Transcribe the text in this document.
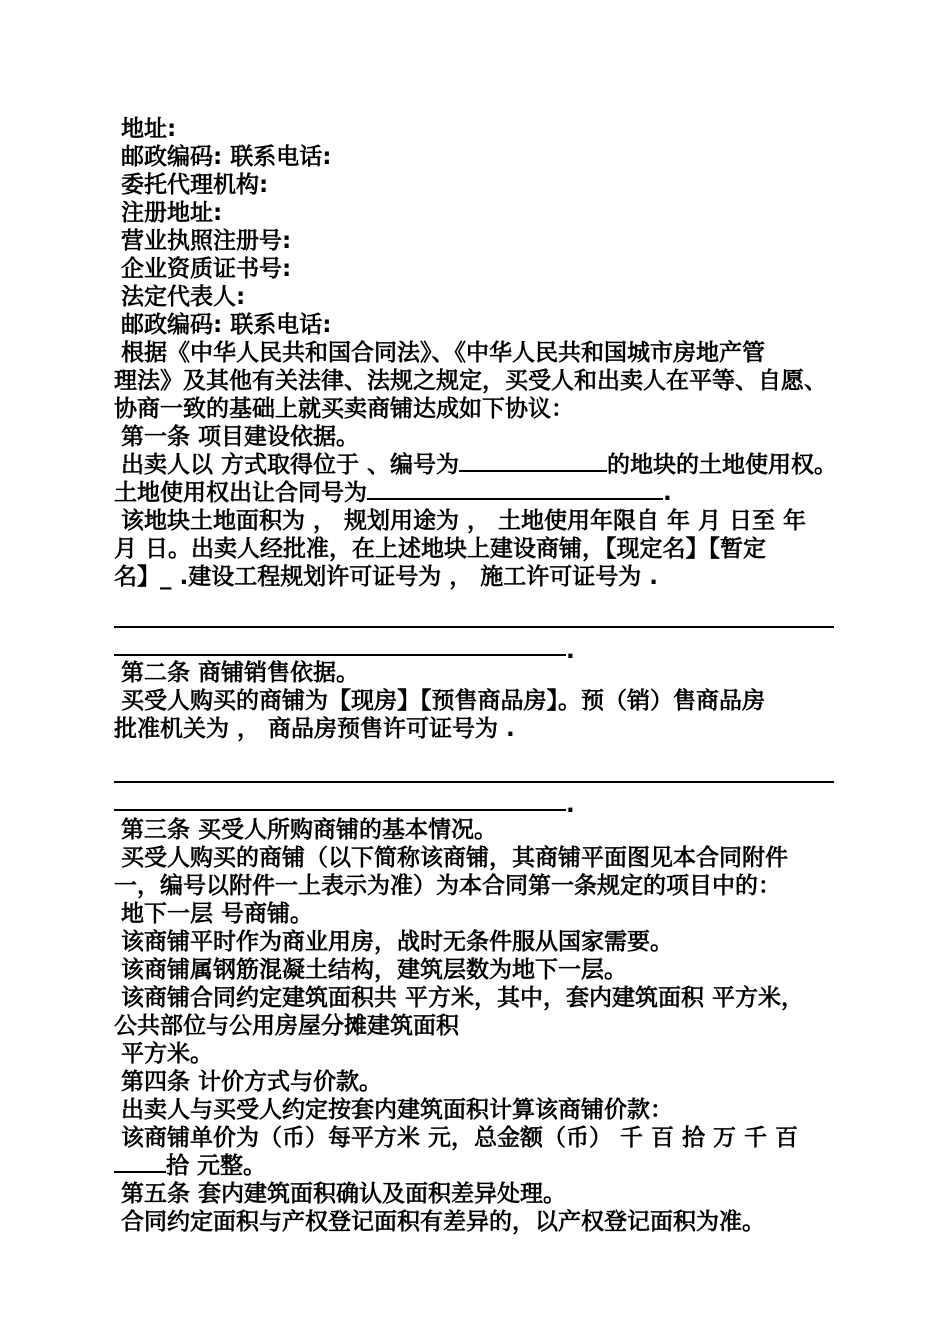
地址:
邮政编码: 联系电话:
委托代理机构:
注册地址:
营业执照注册号:
企业资质证书号:
法定代表人:
邮政编码: 联系电话:
根据《中华人民共和国合同法》、《中华人民共和国城市房地产管
理法》及其他有关法律、法规之规定，买受人和出卖人在平等、自愿、
协商一致的基础上就买卖商铺达成如下协议：
第一条 项目建设依据。
出卖人以 方式取得位于 、编号为	的地块的土地使用权。
土地使用权出让合同号为	.
该地块土地面积为 ， 规划用途为 ， 土地使用年限自 年 月 日至 年
月 日。出卖人经批准，在上述地块上建设商铺，【现定名】【暂定
名】_ .建设工程规划许可证号为 ， 施工许可证号为 .
.
第二条 商铺销售依据。
买受人购买的商铺为【现房】【预售商品房】。预（销）售商品房
批准机关为 ， 商品房预售许可证号为 .
.
第三条 买受人所购商铺的基本情况。
买受人购买的商铺（以下简称该商铺，其商铺平面图见本合同附件
一，编号以附件一上表示为准）为本合同第一条规定的项目中的：
地下一层 号商铺。
该商铺平时作为商业用房，战时无条件服从国家需要。
该商铺属钢筋混凝土结构，建筑层数为地下一层。
该商铺合同约定建筑面积共 平方米，其中，套内建筑面积 平方米，
公共部位与公用房屋分摊建筑面积
平方米。
第四条 计价方式与价款。
出卖人与买受人约定按套内建筑面积计算该商铺价款：
该商铺单价为（币）每平方米 元，总金额（币） 千 百 拾 万 千 百
拾 元整。
第五条 套内建筑面积确认及面积差异处理。
合同约定面积与产权登记面积有差异的，以产权登记面积为准。
